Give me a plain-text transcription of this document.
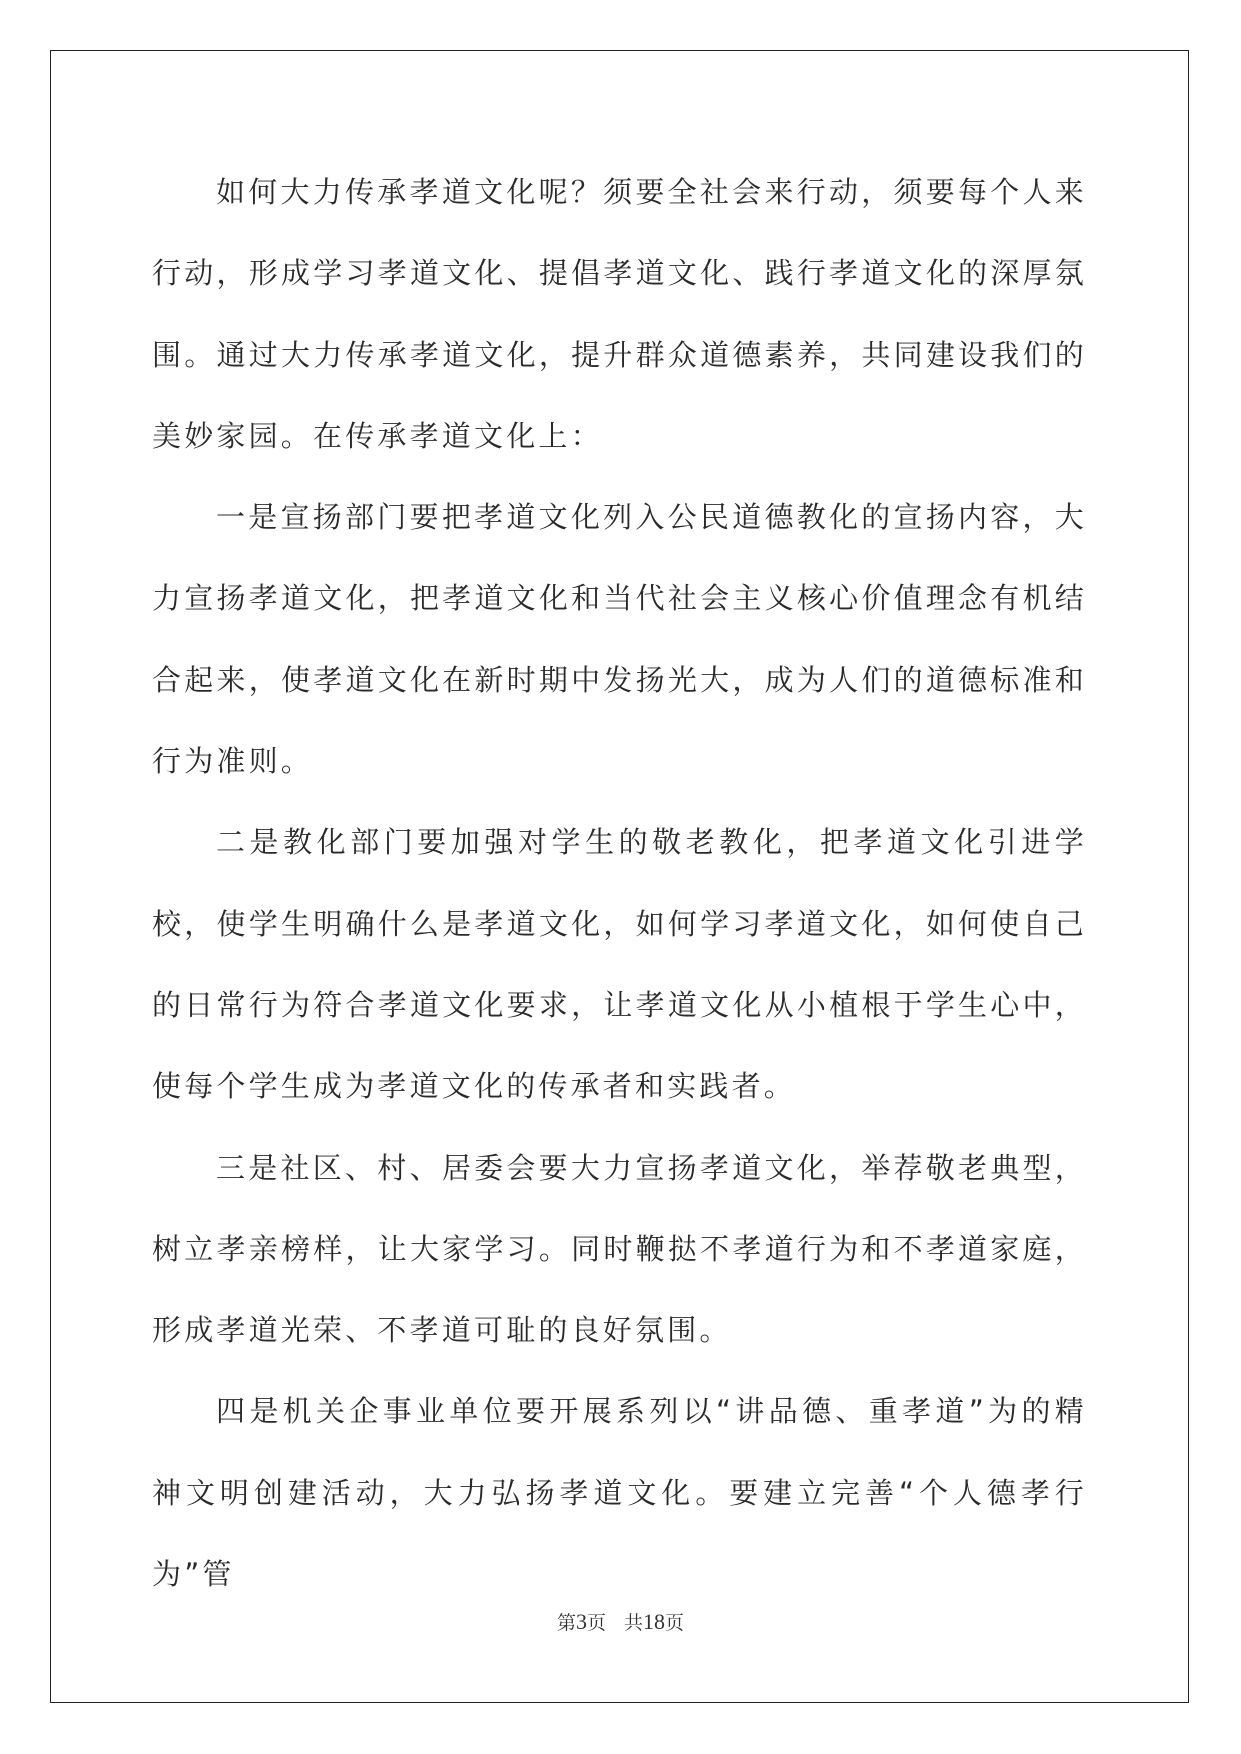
如何大力传承孝道文化呢？须要全社会来行动，须要每个人来行动，形成学习孝道文化、提倡孝道文化、践行孝道文化的深厚氛围。通过大力传承孝道文化，提升群众道德素养，共同建设我们的美妙家园。在传承孝道文化上：

一是宣扬部门要把孝道文化列入公民道德教化的宣扬内容，大力宣扬孝道文化，把孝道文化和当代社会主义核心价值理念有机结合起来，使孝道文化在新时期中发扬光大，成为人们的道德标准和行为准则。

二是教化部门要加强对学生的敬老教化，把孝道文化引进学校，使学生明确什么是孝道文化，如何学习孝道文化，如何使自己的日常行为符合孝道文化要求，让孝道文化从小植根于学生心中，使每个学生成为孝道文化的传承者和实践者。

三是社区、村、居委会要大力宣扬孝道文化，举荐敬老典型，树立孝亲榜样，让大家学习。同时鞭挞不孝道行为和不孝道家庭，形成孝道光荣、不孝道可耻的良好氛围。

四是机关企事业单位要开展系列以“讲品德、重孝道”为的精神文明创建活动，大力弘扬孝道文化。要建立完善“个人德孝行为”管

第3页 共18页
